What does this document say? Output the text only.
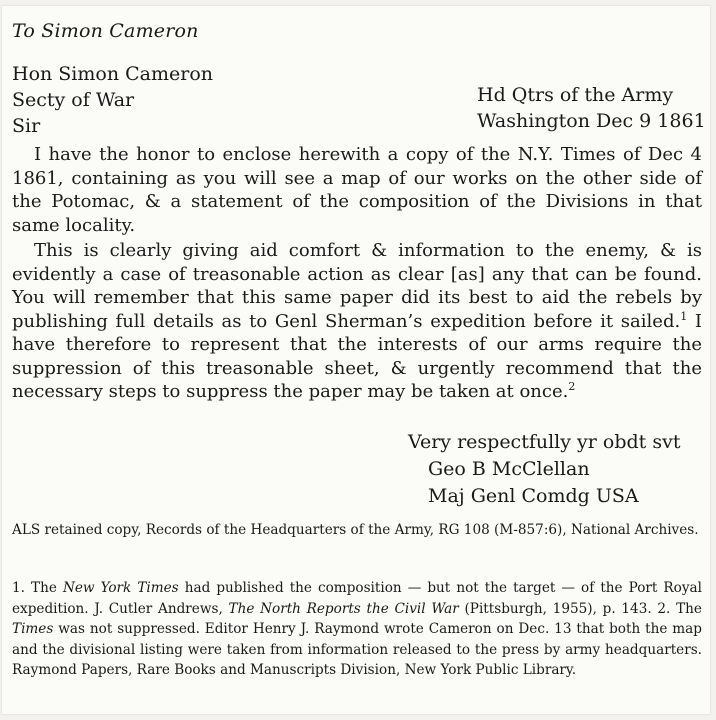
To Simon Cameron
Hon Simon Cameron
Secty of War
Sir
Hd Qtrs of the Army
Washington Dec 9 1861

I have the honor to enclose herewith a copy of the N.Y. Times of Dec 4 1861, containing as you will see a map of our works on the other side of the Potomac, & a statement of the composition of the Divisions in that same locality.

This is clearly giving aid comfort & information to the enemy, & is evidently a case of treasonable action as clear [as] any that can be found. You will remember that this same paper did its best to aid the rebels by publishing full details as to Genl Sherman’s expedition before it sailed.$^1$ I have therefore to represent that the interests of our arms require the suppression of this treasonable sheet, & urgently recommend that the necessary steps to suppress the paper may be taken at once.$^2$

Very respectfully yr obdt svt
Geo B McClellan
Maj Genl Comdg USA
ALS retained copy, Records of the Headquarters of the Army, RG 108 (M-857:6), National Archives.
1. The New York Times had published the composition — but not the target — of the Port Royal expedition. J. Cutler Andrews, The North Reports the Civil War (Pittsburgh, 1955), p. 143. 2. The Times was not suppressed. Editor Henry J. Raymond wrote Cameron on Dec. 13 that both the map and the divisional listing were taken from information released to the press by army headquarters. Raymond Papers, Rare Books and Manuscripts Division, New York Public Library.
